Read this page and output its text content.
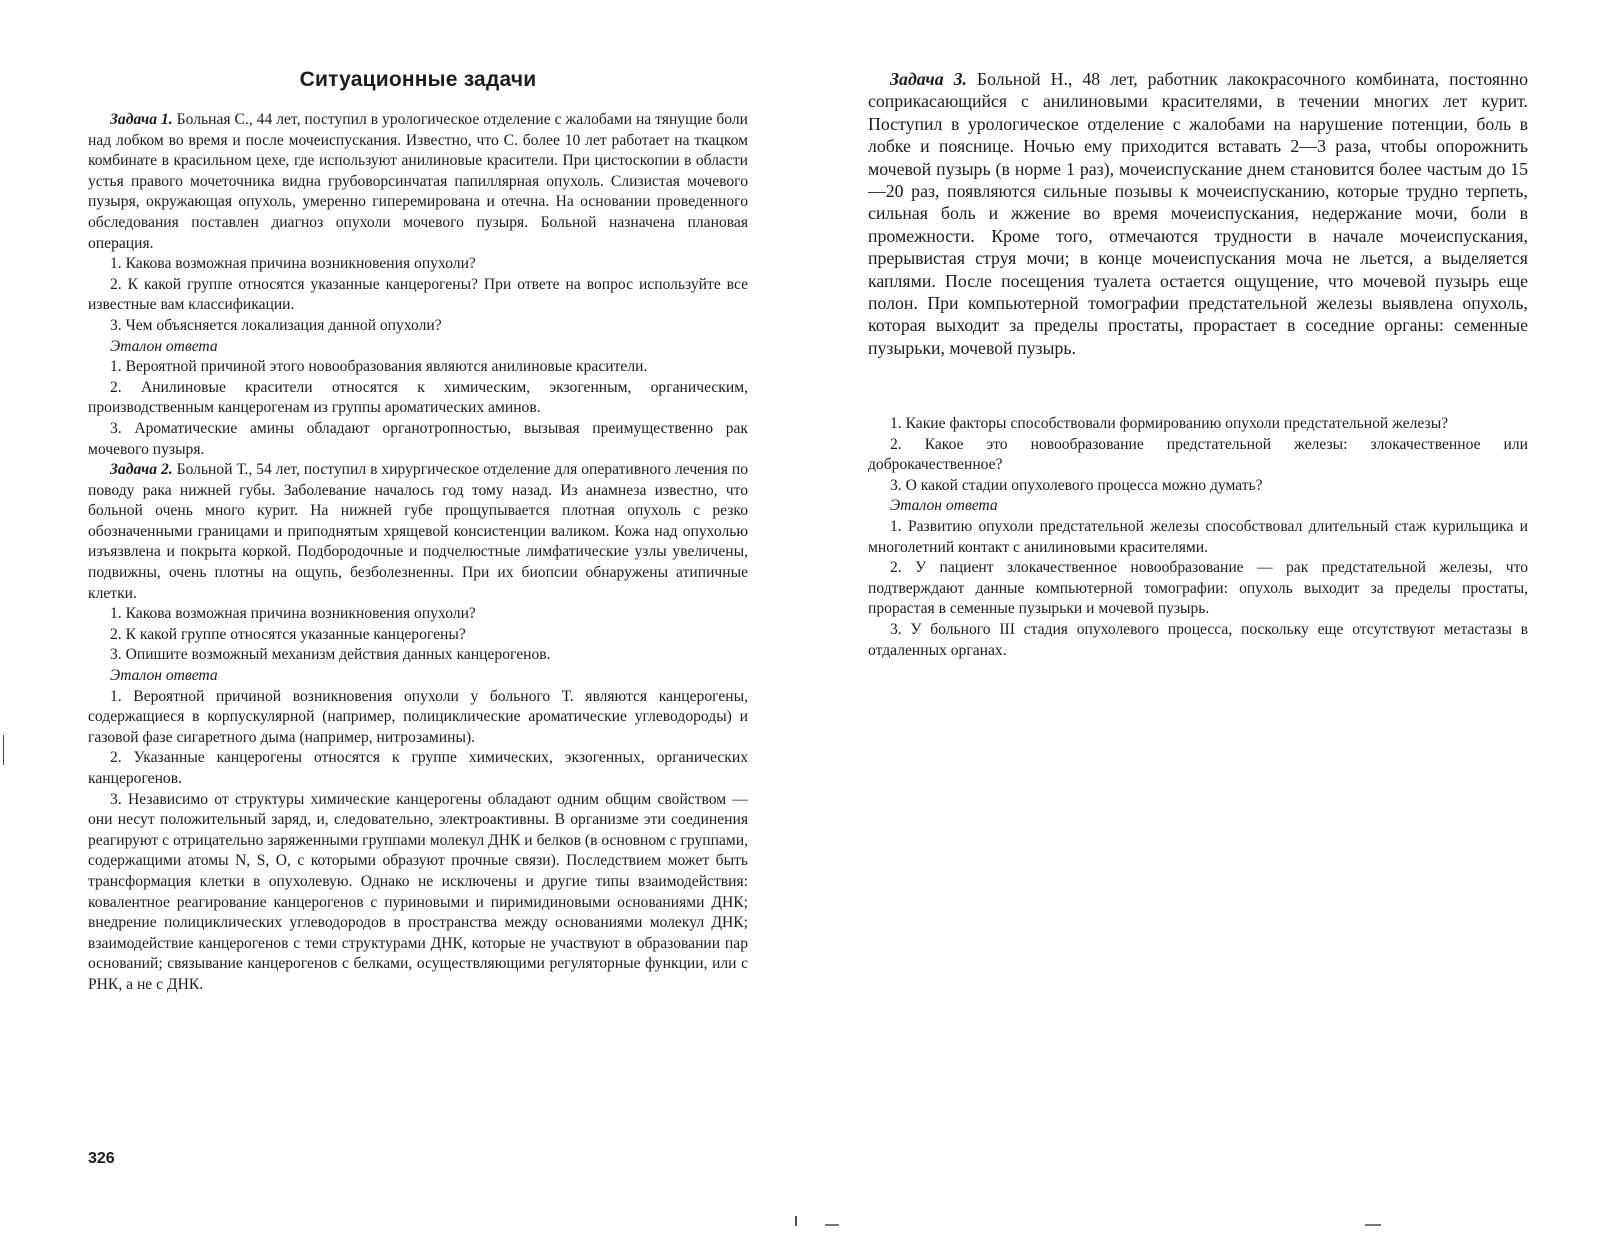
Ситуационные задачи

Задача 1. Больная С., 44 лет, поступил в урологическое отделение с жалобами на тянущие боли над лобком во время и после мочеиспускания. Известно, что С. более 10 лет работает на ткацком комбинате в красильном цехе, где используют анилиновые красители. При цистоскопии в области устья правого мочеточника видна грубоворсинчатая папиллярная опухоль. Слизистая мочевого пузыря, окружающая опухоль, умеренно гиперемирована и отечна. На основании проведенного обследования поставлен диагноз опухоли мочевого пузыря. Больной назначена плановая операция.

1. Какова возможная причина возникновения опухоли?

2. К какой группе относятся указанные канцерогены? При ответе на вопрос используйте все известные вам классификации.

3. Чем объясняется локализация данной опухоли?

Эталон ответа

1. Вероятной причиной этого новообразования являются анилиновые красители.

2. Анилиновые красители относятся к химическим, экзогенным, органическим, производственным канцерогенам из группы ароматических аминов.

3. Ароматические амины обладают органотропностью, вызывая преимущественно рак мочевого пузыря.

Задача 2. Больной Т., 54 лет, поступил в хирургическое отделение для оперативного лечения по поводу рака нижней губы. Заболевание началось год тому назад. Из анамнеза известно, что больной очень много курит. На нижней губе прощупывается плотная опухоль с резко обозначенными границами и приподнятым хрящевой консистенции валиком. Кожа над опухолью изъязвлена и покрыта коркой. Подбородочные и подчелюстные лимфатические узлы увеличены, подвижны, очень плотны на ощупь, безболезненны. При их биопсии обнаружены атипичные клетки.

1. Какова возможная причина возникновения опухоли?

2. К какой группе относятся указанные канцерогены?

3. Опишите возможный механизм действия данных канцерогенов.

Эталон ответа

1. Вероятной причиной возникновения опухоли у больного Т. являются канцерогены, содержащиеся в корпускулярной (например, полициклические ароматические углеводороды) и газовой фазе сигаретного дыма (например, нитрозамины).

2. Указанные канцерогены относятся к группе химических, экзогенных, органических канцерогенов.

3. Независимо от структуры химические канцерогены обладают одним общим свойством — они несут положительный заряд, и, следовательно, электроактивны. В организме эти соединения реагируют с отрицательно заряженными группами молекул ДНК и белков (в основном с группами, содержащими атомы N, S, O, с которыми образуют прочные связи). Последствием может быть трансформация клетки в опухолевую. Однако не исключены и другие типы взаимодействия: ковалентное реагирование канцерогенов с пуриновыми и пиримидиновыми основаниями ДНК; внедрение полициклических углеводородов в пространства между основаниями молекул ДНК; взаимодействие канцерогенов с теми структурами ДНК, которые не участвуют в образовании пар оснований; связывание канцерогенов с белками, осуществляющими регуляторные функции, или с РНК, а не с ДНК.

326

Задача 3. Больной Н., 48 лет, работник лакокрасочного комбината, постоянно соприкасающийся с анилиновыми красителями, в течении многих лет курит. Поступил в урологическое отделение с жалобами на нарушение потенции, боль в лобке и пояснице. Ночью ему приходится вставать 2—3 раза, чтобы опорожнить мочевой пузырь (в норме 1 раз), мочеиспускание днем становится более частым до 15—20 раз, появляются сильные позывы к мочеиспусканию, которые трудно терпеть, сильная боль и жжение во время мочеиспускания, недержание мочи, боли в промежности. Кроме того, отмечаются трудности в начале мочеиспускания, прерывистая струя мочи; в конце мочеиспускания моча не льется, а выделяется каплями. После посещения туалета остается ощущение, что мочевой пузырь еще полон. При компьютерной томографии предстательной железы выявлена опухоль, которая выходит за пределы простаты, прорастает в соседние органы: семенные пузырьки, мочевой пузырь.

1. Какие факторы способствовали формированию опухоли предстательной железы?

2. Какое это новообразование предстательной железы: злокачественное или доброкачественное?

3. О какой стадии опухолевого процесса можно думать?

Эталон ответа

1. Развитию опухоли предстательной железы способствовал длительный стаж курильщика и многолетний контакт с анилиновыми красителями.

2. У пациент злокачественное новообразование — рак предстательной железы, что подтверждают данные компьютерной томографии: опухоль выходит за пределы простаты, прорастая в семенные пузырьки и мочевой пузырь.

3. У больного III стадия опухолевого процесса, поскольку еще отсутствуют метастазы в отдаленных органах.
